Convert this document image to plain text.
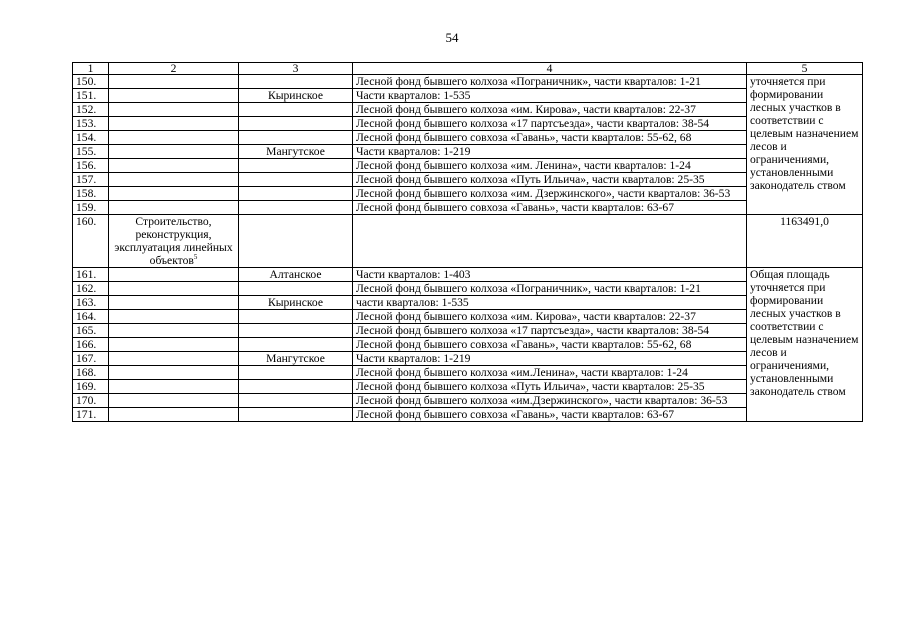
54
1	2	3	4	5
150.			Лесной фонд бывшего колхоза «Пограничник», части кварталов: 1-21	уточняется при формировании лесных участков в соответствии с целевым назначением лесов и ограничениями, установленными законодатель ством
151.		Кыринское	Части кварталов: 1-535	
152.			Лесной фонд бывшего колхоза «им. Кирова», части кварталов: 22-37	
153.			Лесной фонд бывшего колхоза «17 партсъезда», части кварталов: 38-54	
154.			Лесной фонд бывшего совхоза «Гавань», части кварталов: 55-62, 68	
155.		Мангутское	Части кварталов: 1-219	
156.			Лесной фонд бывшего колхоза «им. Ленина», части кварталов: 1-24	
157.			Лесной фонд бывшего колхоза «Путь Ильича», части кварталов: 25-35	
158.			Лесной фонд бывшего колхоза «им. Дзержинского», части кварталов: 36-53	
159.			Лесной фонд бывшего совхоза «Гавань», части кварталов: 63-67	
160.	Строительство, реконструкция, эксплуатация линейных объектов$^5$			1163491,0
161.		Алтанское	Части кварталов: 1-403	Общая площадь уточняется при формировании лесных участков в соответствии с целевым назначением лесов и ограничениями, установленными законодатель ством
162.			Лесной фонд бывшего колхоза «Пограничник», части кварталов: 1-21	
163.		Кыринское	части кварталов: 1-535	
164.			Лесной фонд бывшего колхоза «им. Кирова», части кварталов: 22-37	
165.			Лесной фонд бывшего колхоза «17 партсъезда», части кварталов: 38-54	
166.			Лесной фонд бывшего совхоза «Гавань», части кварталов: 55-62, 68	
167.		Мангутское	Части кварталов: 1-219	
168.			Лесной фонд бывшего колхоза «им.Ленина», части кварталов: 1-24	
169.			Лесной фонд бывшего колхоза «Путь Ильича», части кварталов: 25-35	
170.			Лесной фонд бывшего колхоза «им.Дзержинского», части кварталов: 36-53	
171.			Лесной фонд бывшего совхоза «Гавань», части кварталов: 63-67	
